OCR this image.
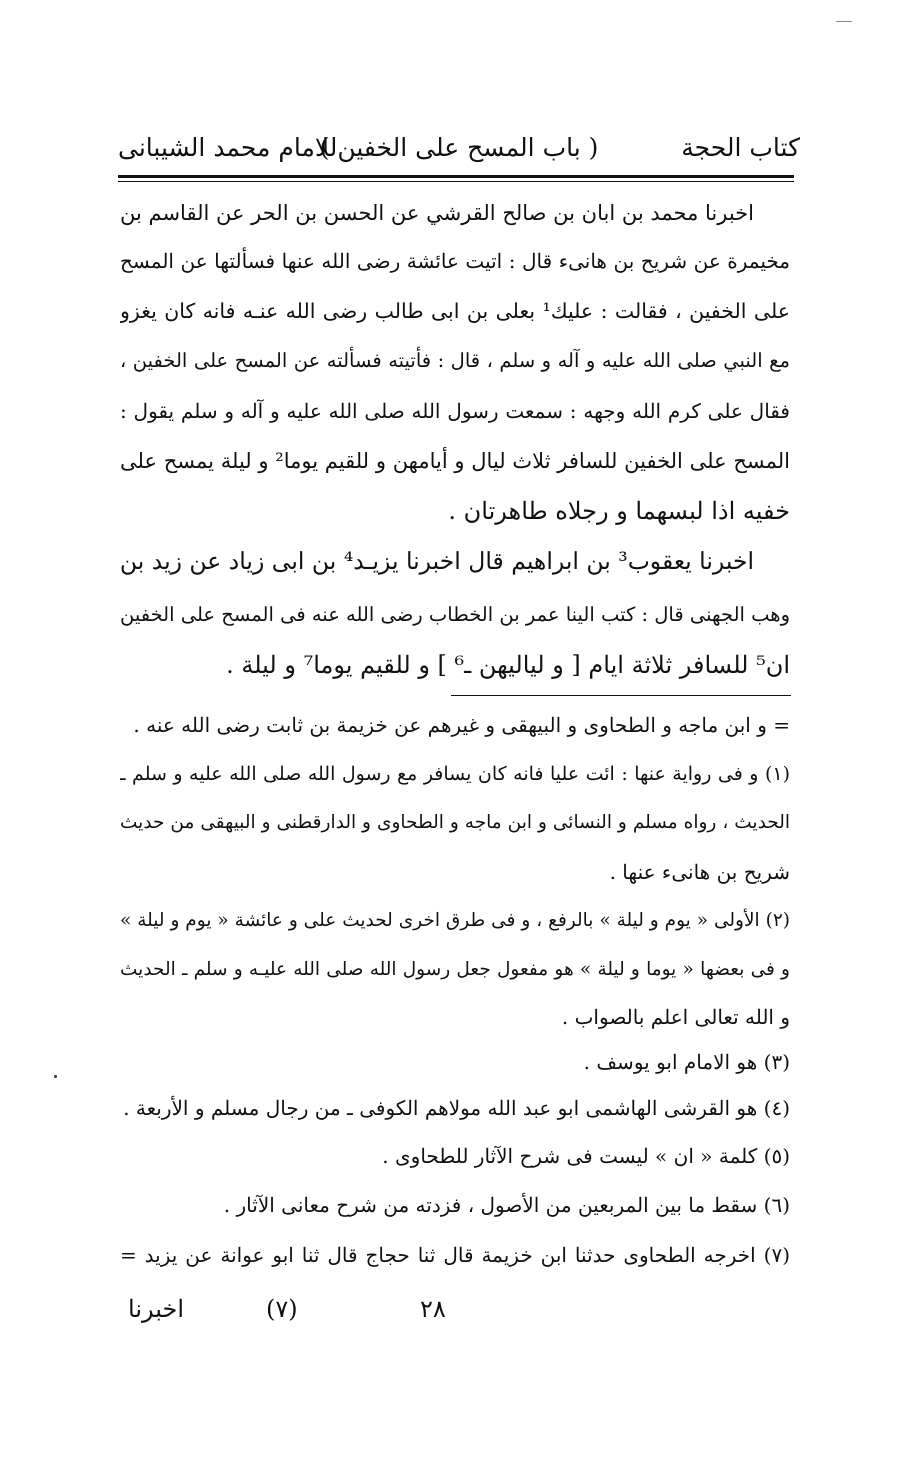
كتاب الحجة
( باب المسح على الخفين )
للامام محمد الشيبانى
اخبرنا محمد بن ابان بن صالح القرشي عن الحسن بن الحر عن القاسم بن
مخيمرة عن شريح بن هانیء قال : اتيت عائشة رضى الله عنها فسألتها عن المسح
على الخفين ، فقالت : عليك¹ بعلى بن ابى طالب رضى الله عنـه فانه كان يغزو
مع النبي صلى الله عليه و آله و سلم ، قال : فأتيته فسألته عن المسح على الخفين ،
فقال على كرم الله وجهه : سمعت رسول الله صلى الله عليه و آله و سلم يقول :
المسح على الخفين للسافر ثلاث ليال و أيامهن و للقيم يوما² و ليلة يمسح على
خفيه اذا لبسهما و رجلاه طاهرتان .
اخبرنا يعقوب³ بن ابراهيم قال اخبرنا يزيـد⁴ بن ابى زياد عن زيد بن
وهب الجهنى قال : كتب الينا عمر بن الخطاب رضى الله عنه فى المسح على الخفين
ان⁵ للسافر ثلاثة ايام [ و لياليهن ـ⁶ ] و للقيم يوما⁷ و ليلة .
= و ابن ماجه و الطحاوى و البيهقى و غيرهم عن خزيمة بن ثابت رضى الله عنه .
(١) و فى رواية عنها : ائت عليا فانه كان يسافر مع رسول الله صلى الله عليه و سلم ـ
الحديث ، رواه مسلم و النسائى و ابن ماجه و الطحاوى و الدارقطنى و البيهقى من حديث
شريح بن هانیء عنها .
(٢) الأولى « يوم و ليلة » بالرفع ، و فى طرق اخرى لحديث على و عائشة « يوم و ليلة »
و فى بعضها « يوما و ليلة » هو مفعول جعل رسول الله صلى الله عليـه و سلم ـ الحديث
و الله تعالى اعلم بالصواب .
(٣) هو الامام ابو يوسف .
(٤) هو القرشى الهاشمى ابو عبد الله مولاهم الكوفى ـ من رجال مسلم و الأربعة .
(٥) كلمة « ان » ليست فى شرح الآثار للطحاوى .
(٦) سقط ما بين المربعين من الأصول ، فزدته من شرح معانى الآثار .
(٧) اخرجه الطحاوى حدثنا ابن خزيمة قال ثنا حجاج قال ثنا ابو عوانة عن يزيد =
٢٨
(٧)
اخبرنا
